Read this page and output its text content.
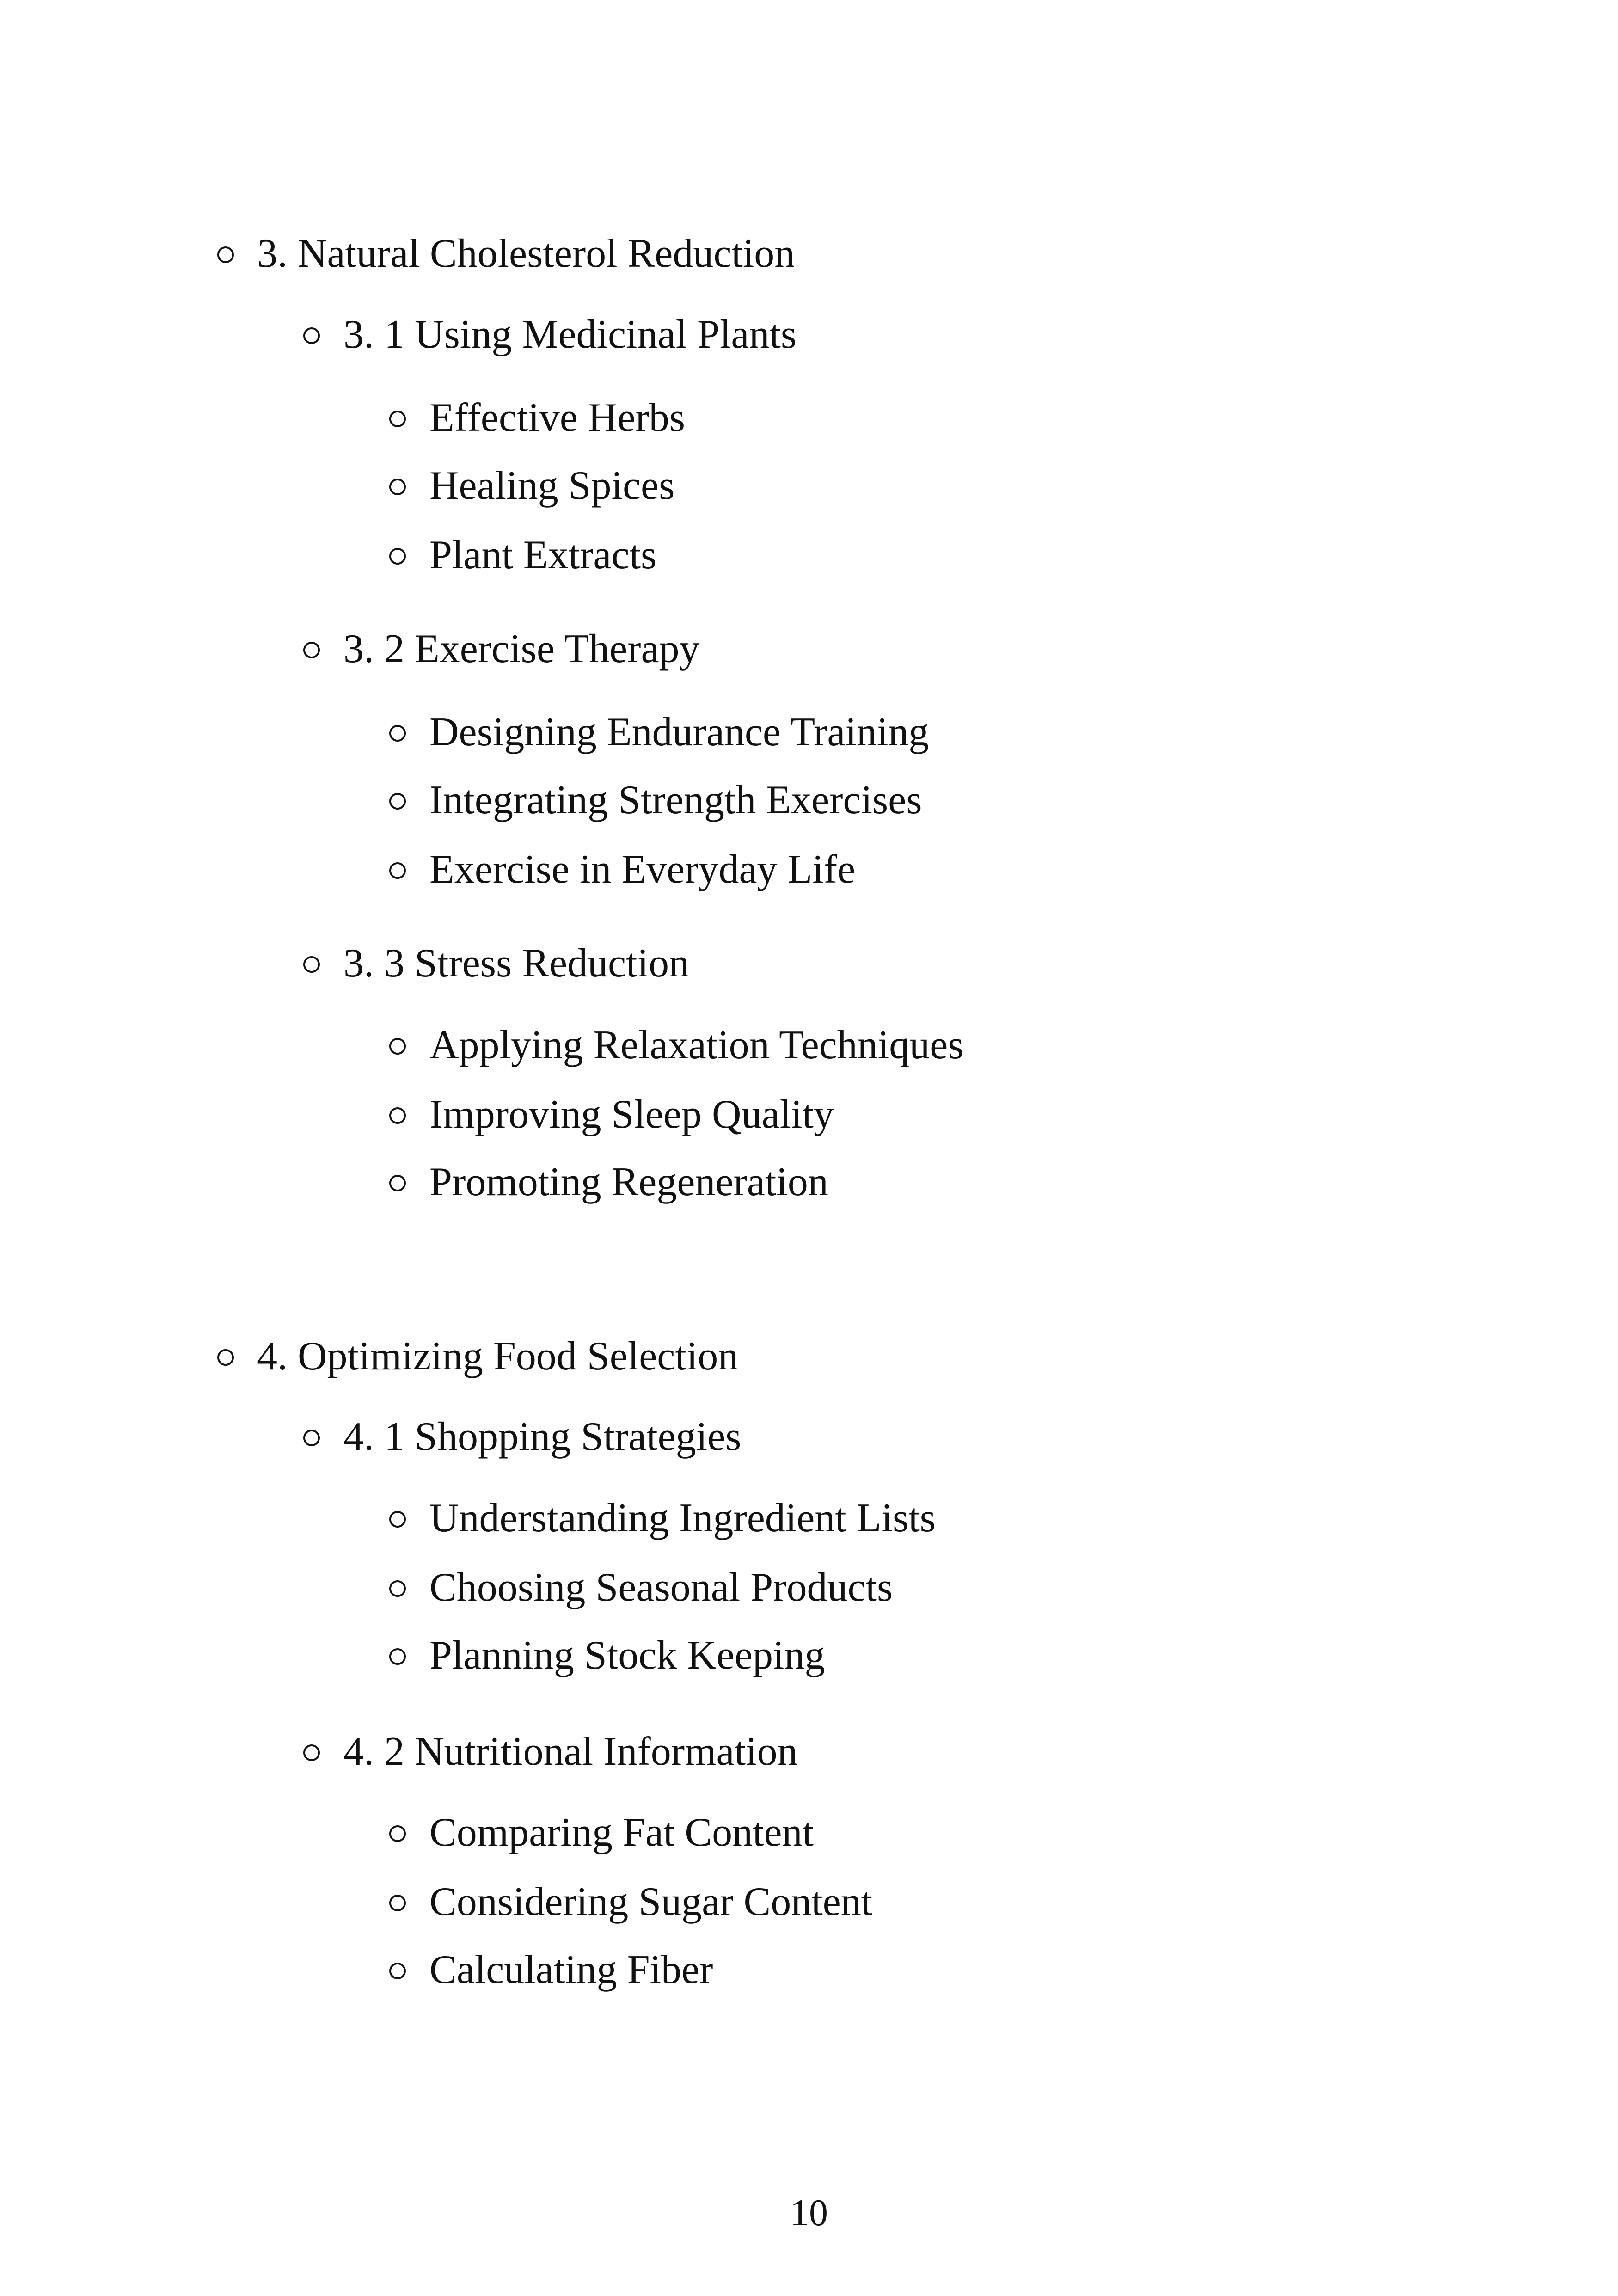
3. Natural Cholesterol Reduction
3. 1 Using Medicinal Plants
Effective Herbs
Healing Spices
Plant Extracts
3. 2 Exercise Therapy
Designing Endurance Training
Integrating Strength Exercises
Exercise in Everyday Life
3. 3 Stress Reduction
Applying Relaxation Techniques
Improving Sleep Quality
Promoting Regeneration
4. Optimizing Food Selection
4. 1 Shopping Strategies
Understanding Ingredient Lists
Choosing Seasonal Products
Planning Stock Keeping
4. 2 Nutritional Information
Comparing Fat Content
Considering Sugar Content
Calculating Fiber
10
